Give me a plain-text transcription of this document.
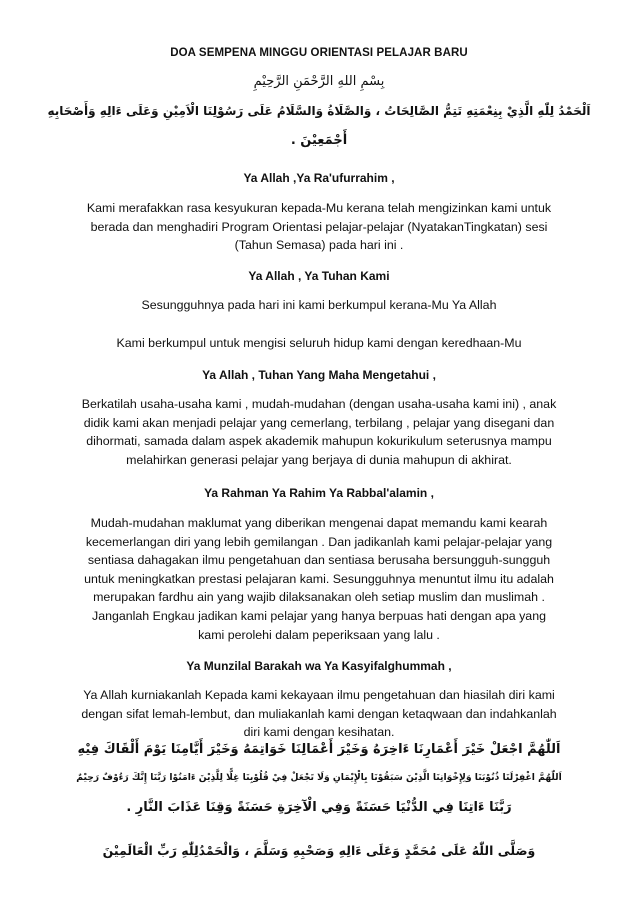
DOA SEMPENA MINGGU ORIENTASI PELAJAR BARU
بِسْمِ اللهِ الرَّحْمَنِ الرَّحِيْمِ
اَلْحَمْدُ لِلّٰهِ الَّذِيْ بِنِعْمَتِهِ تَتِمُّ الصَّالِحَاتُ ، وَالصَّلَاةُ وَالسَّلَامُ عَلَى رَسُوْلِنَا الْاَمِيْنِ وَعَلَى ءَالِهِ وَأَصْحَابِهِ
أَجْمَعِيْنَ .
Ya Allah ,Ya Ra'ufurrahim ,
Kami merafakkan rasa kesyukuran kepada-Mu kerana telah mengizinkan kami untuk berada dan menghadiri Program Orientasi pelajar-pelajar (NyatakanTingkatan) sesi (Tahun Semasa) pada hari ini .
Ya Allah , Ya Tuhan Kami
Sesungguhnya pada hari ini kami berkumpul kerana-Mu Ya Allah
Kami berkumpul untuk mengisi seluruh hidup kami dengan keredhaan-Mu
Ya Allah , Tuhan Yang Maha Mengetahui ,
Berkatilah usaha-usaha kami , mudah-mudahan (dengan usaha-usaha kami ini) , anak didik kami akan menjadi pelajar yang cemerlang, terbilang , pelajar yang disegani dan dihormati, samada dalam aspek akademik mahupun kokurikulum seterusnya mampu melahirkan generasi pelajar yang berjaya di dunia mahupun di akhirat.
Ya Rahman Ya Rahim Ya Rabbal'alamin ,
Mudah-mudahan maklumat yang diberikan mengenai dapat memandu kami kearah kecemerlangan diri yang lebih gemilangan . Dan jadikanlah kami pelajar-pelajar yang sentiasa dahagakan ilmu pengetahuan dan sentiasa berusaha bersungguh-sungguh untuk meningkatkan prestasi pelajaran kami. Sesungguhnya menuntut ilmu itu adalah merupakan fardhu ain yang wajib dilaksanakan oleh setiap muslim dan muslimah . Janganlah Engkau jadikan kami pelajar yang hanya berpuas hati dengan apa yang kami perolehi dalam peperiksaan yang lalu .
Ya Munzilal Barakah wa Ya Kasyifalghummah ,
Ya Allah kurniakanlah Kepada kami kekayaan ilmu pengetahuan dan hiasilah diri kami dengan sifat lemah-lembut, dan muliakanlah kami dengan ketaqwaan dan indahkanlah diri kami dengan kesihatan.
اَللّٰهُمَّ اجْعَلْ خَيْرَ أَعْمَارِنَا ءَاخِرَهُ وَخَيْرَ أَعْمَالِنَا خَوَاتِمَهُ وَخَيْرَ أَيَّامِنَا يَوْمَ أَلْقَاكَ فِيْهِ
اَللّٰهُمَّ اغْفِرْلَنَا ذُنُوْبَنَا وَلِإِخْوَانِنَا الَّذِيْنَ سَبَقُوْنَا بِالْإِيْمَانِ وَلَا تَجْعَلْ فِيْ قُلُوْبِنَا غِلًّا لِلَّذِيْنَ ءَامَنُوْا رَبَّنَا إِنَّكَ رَءُوْفٌ رَحِيْمٌ
رَبَّنَا ءَاتِنَا فِي الدُّنْيَا حَسَنَةً وَفِي الْآخِرَةِ حَسَنَةً وَقِنَا عَذَابَ النَّارِ .
وَصَلَّى اللّٰهُ عَلَى مُحَمَّدٍ وَعَلَى ءَالِهِ وَصَحْبِهِ وَسَلَّمَ ، وَالْحَمْدُلِلّٰهِ رَبِّ الْعَالَمِيْنَ
